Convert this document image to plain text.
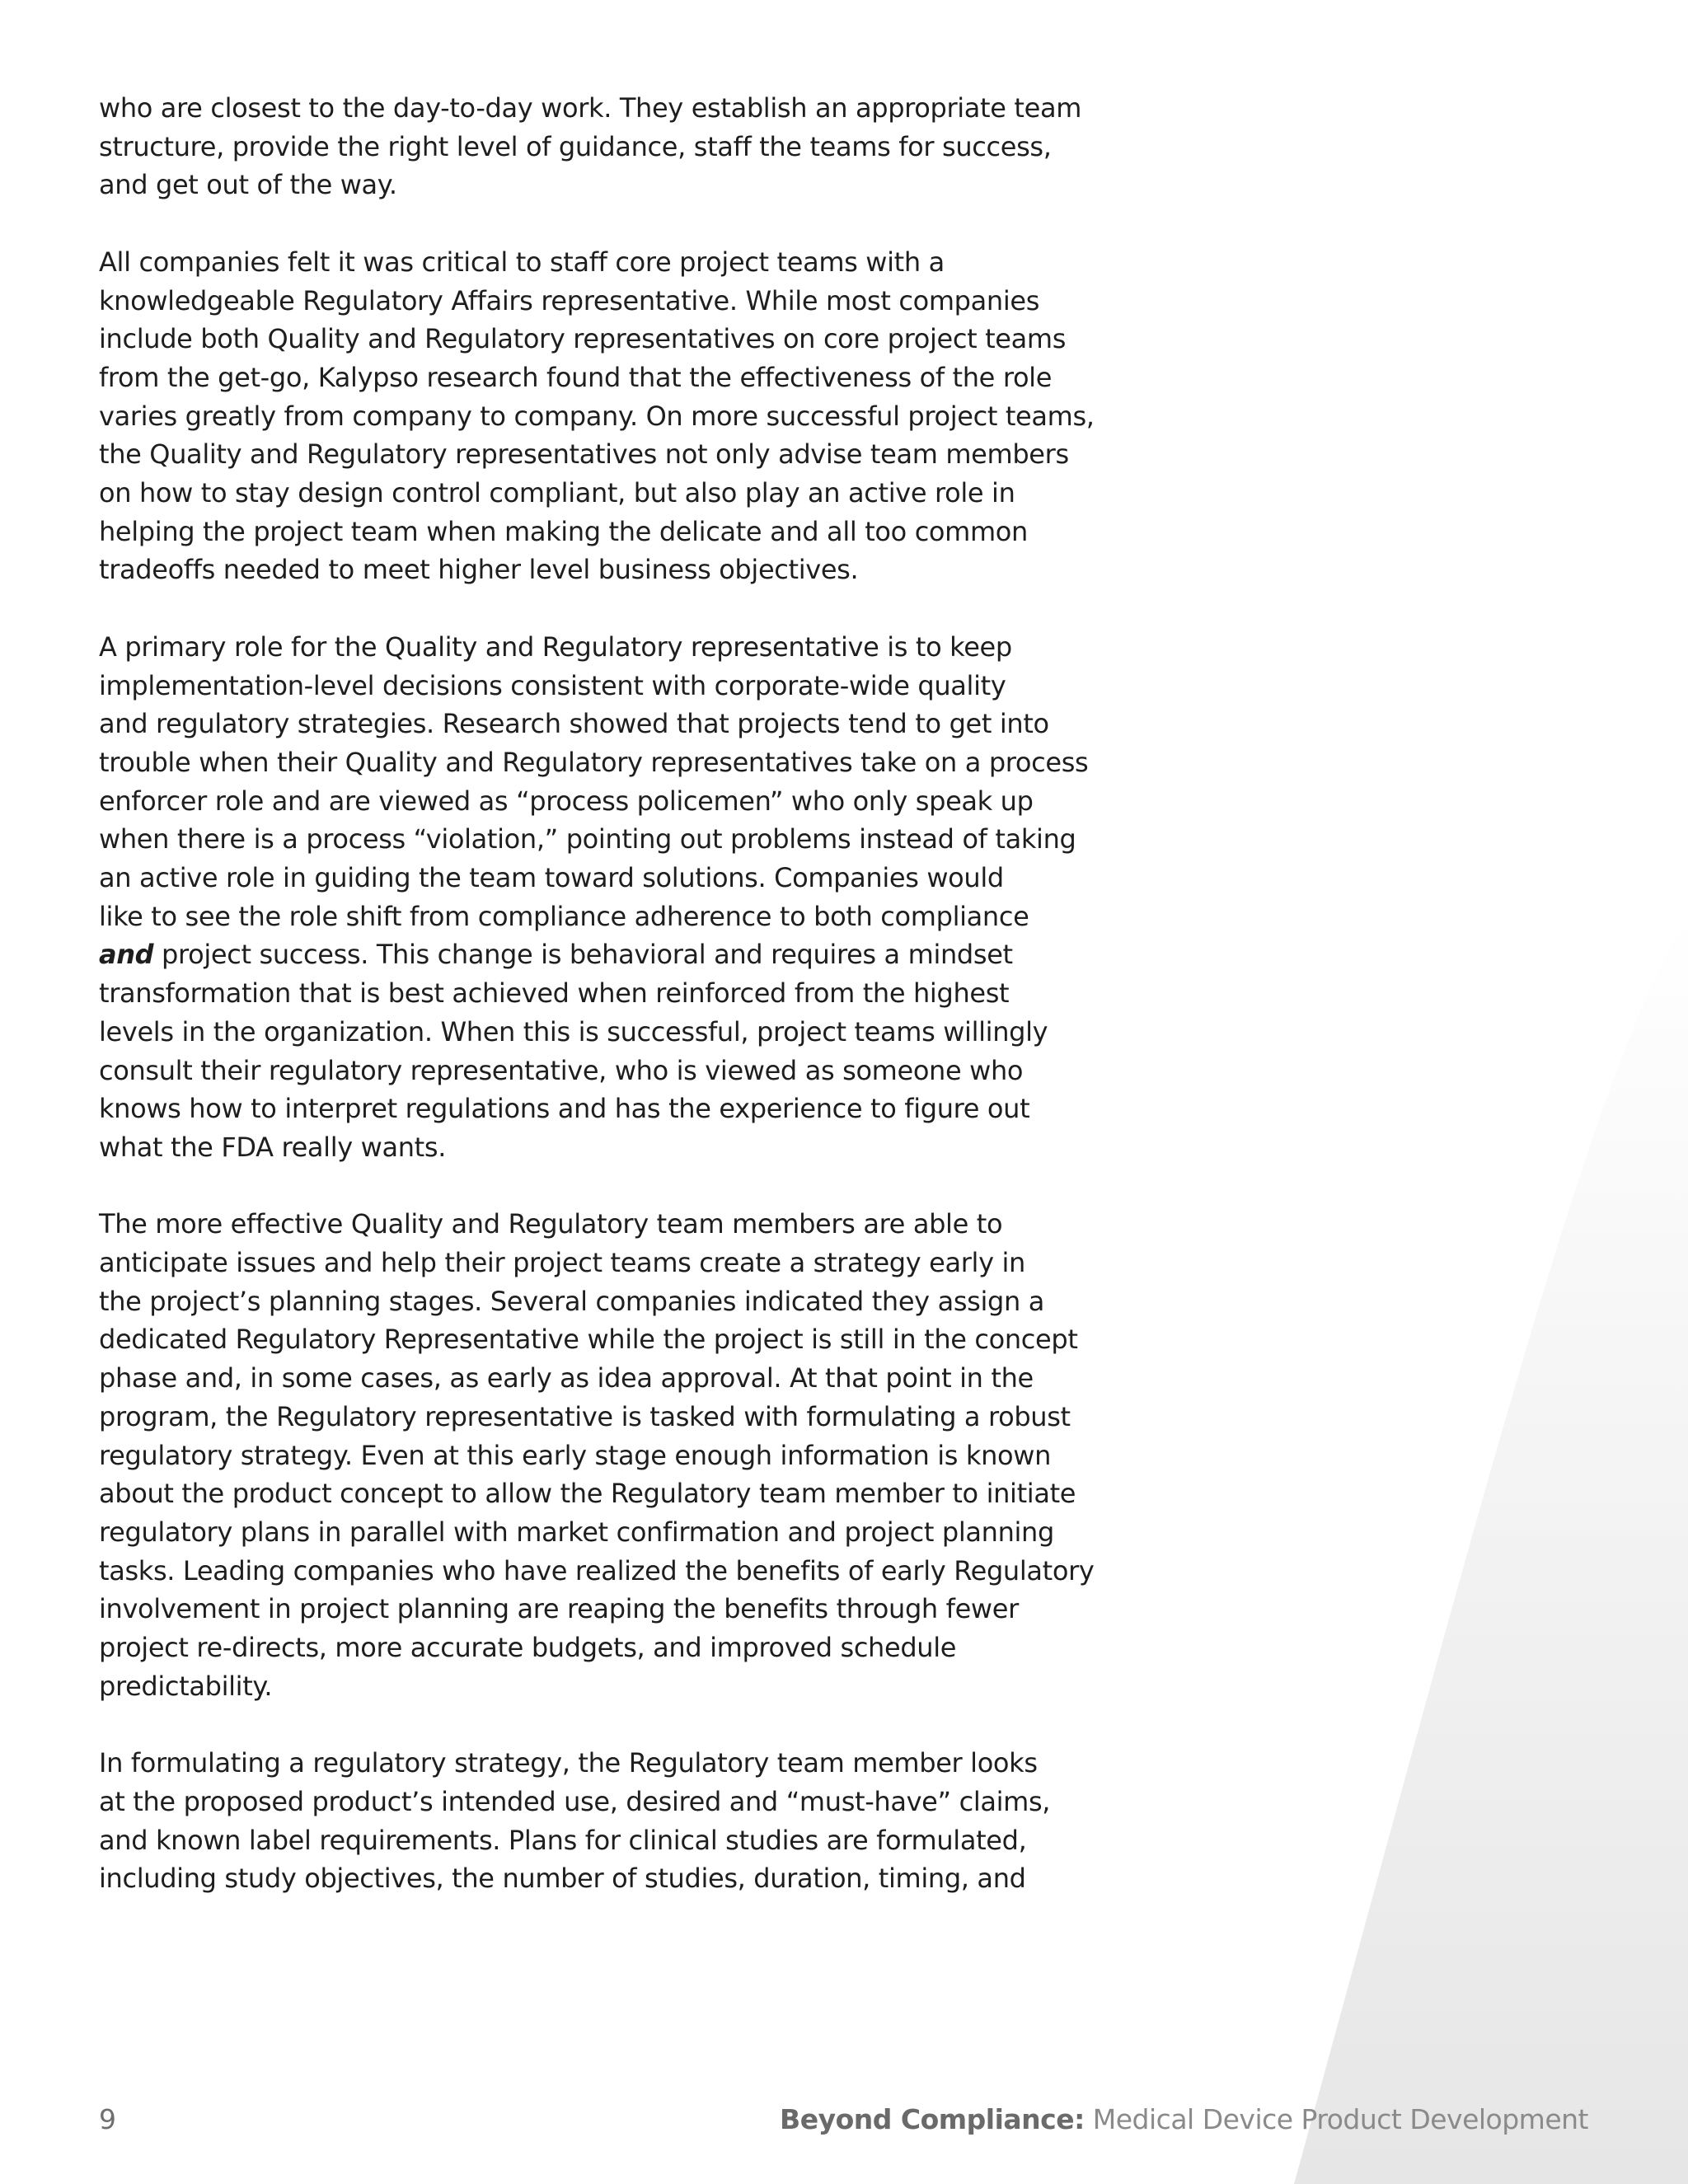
who are closest to the day-to-day work. They establish an appropriate team
structure, provide the right level of guidance, staff the teams for success,
and get out of the way.

All companies felt it was critical to staff core project teams with a
knowledgeable Regulatory Affairs representative. While most companies
include both Quality and Regulatory representatives on core project teams
from the get-go, Kalypso research found that the effectiveness of the role
varies greatly from company to company. On more successful project teams,
the Quality and Regulatory representatives not only advise team members
on how to stay design control compliant, but also play an active role in
helping the project team when making the delicate and all too common
tradeoffs needed to meet higher level business objectives.

A primary role for the Quality and Regulatory representative is to keep
implementation-level decisions consistent with corporate-wide quality
and regulatory strategies. Research showed that projects tend to get into
trouble when their Quality and Regulatory representatives take on a process
enforcer role and are viewed as “process policemen” who only speak up
when there is a process “violation,” pointing out problems instead of taking
an active role in guiding the team toward solutions. Companies would
like to see the role shift from compliance adherence to both compliance
and project success. This change is behavioral and requires a mindset
transformation that is best achieved when reinforced from the highest
levels in the organization. When this is successful, project teams willingly
consult their regulatory representative, who is viewed as someone who
knows how to interpret regulations and has the experience to figure out
what the FDA really wants.

The more effective Quality and Regulatory team members are able to
anticipate issues and help their project teams create a strategy early in
the project’s planning stages. Several companies indicated they assign a
dedicated Regulatory Representative while the project is still in the concept
phase and, in some cases, as early as idea approval. At that point in the
program, the Regulatory representative is tasked with formulating a robust
regulatory strategy. Even at this early stage enough information is known
about the product concept to allow the Regulatory team member to initiate
regulatory plans in parallel with market confirmation and project planning
tasks. Leading companies who have realized the benefits of early Regulatory
involvement in project planning are reaping the benefits through fewer
project re-directs, more accurate budgets, and improved schedule
predictability.

In formulating a regulatory strategy, the Regulatory team member looks
at the proposed product’s intended use, desired and “must-have” claims,
and known label requirements. Plans for clinical studies are formulated,
including study objectives, the number of studies, duration, timing, and

9	Beyond Compliance: Medical Device Product Development
